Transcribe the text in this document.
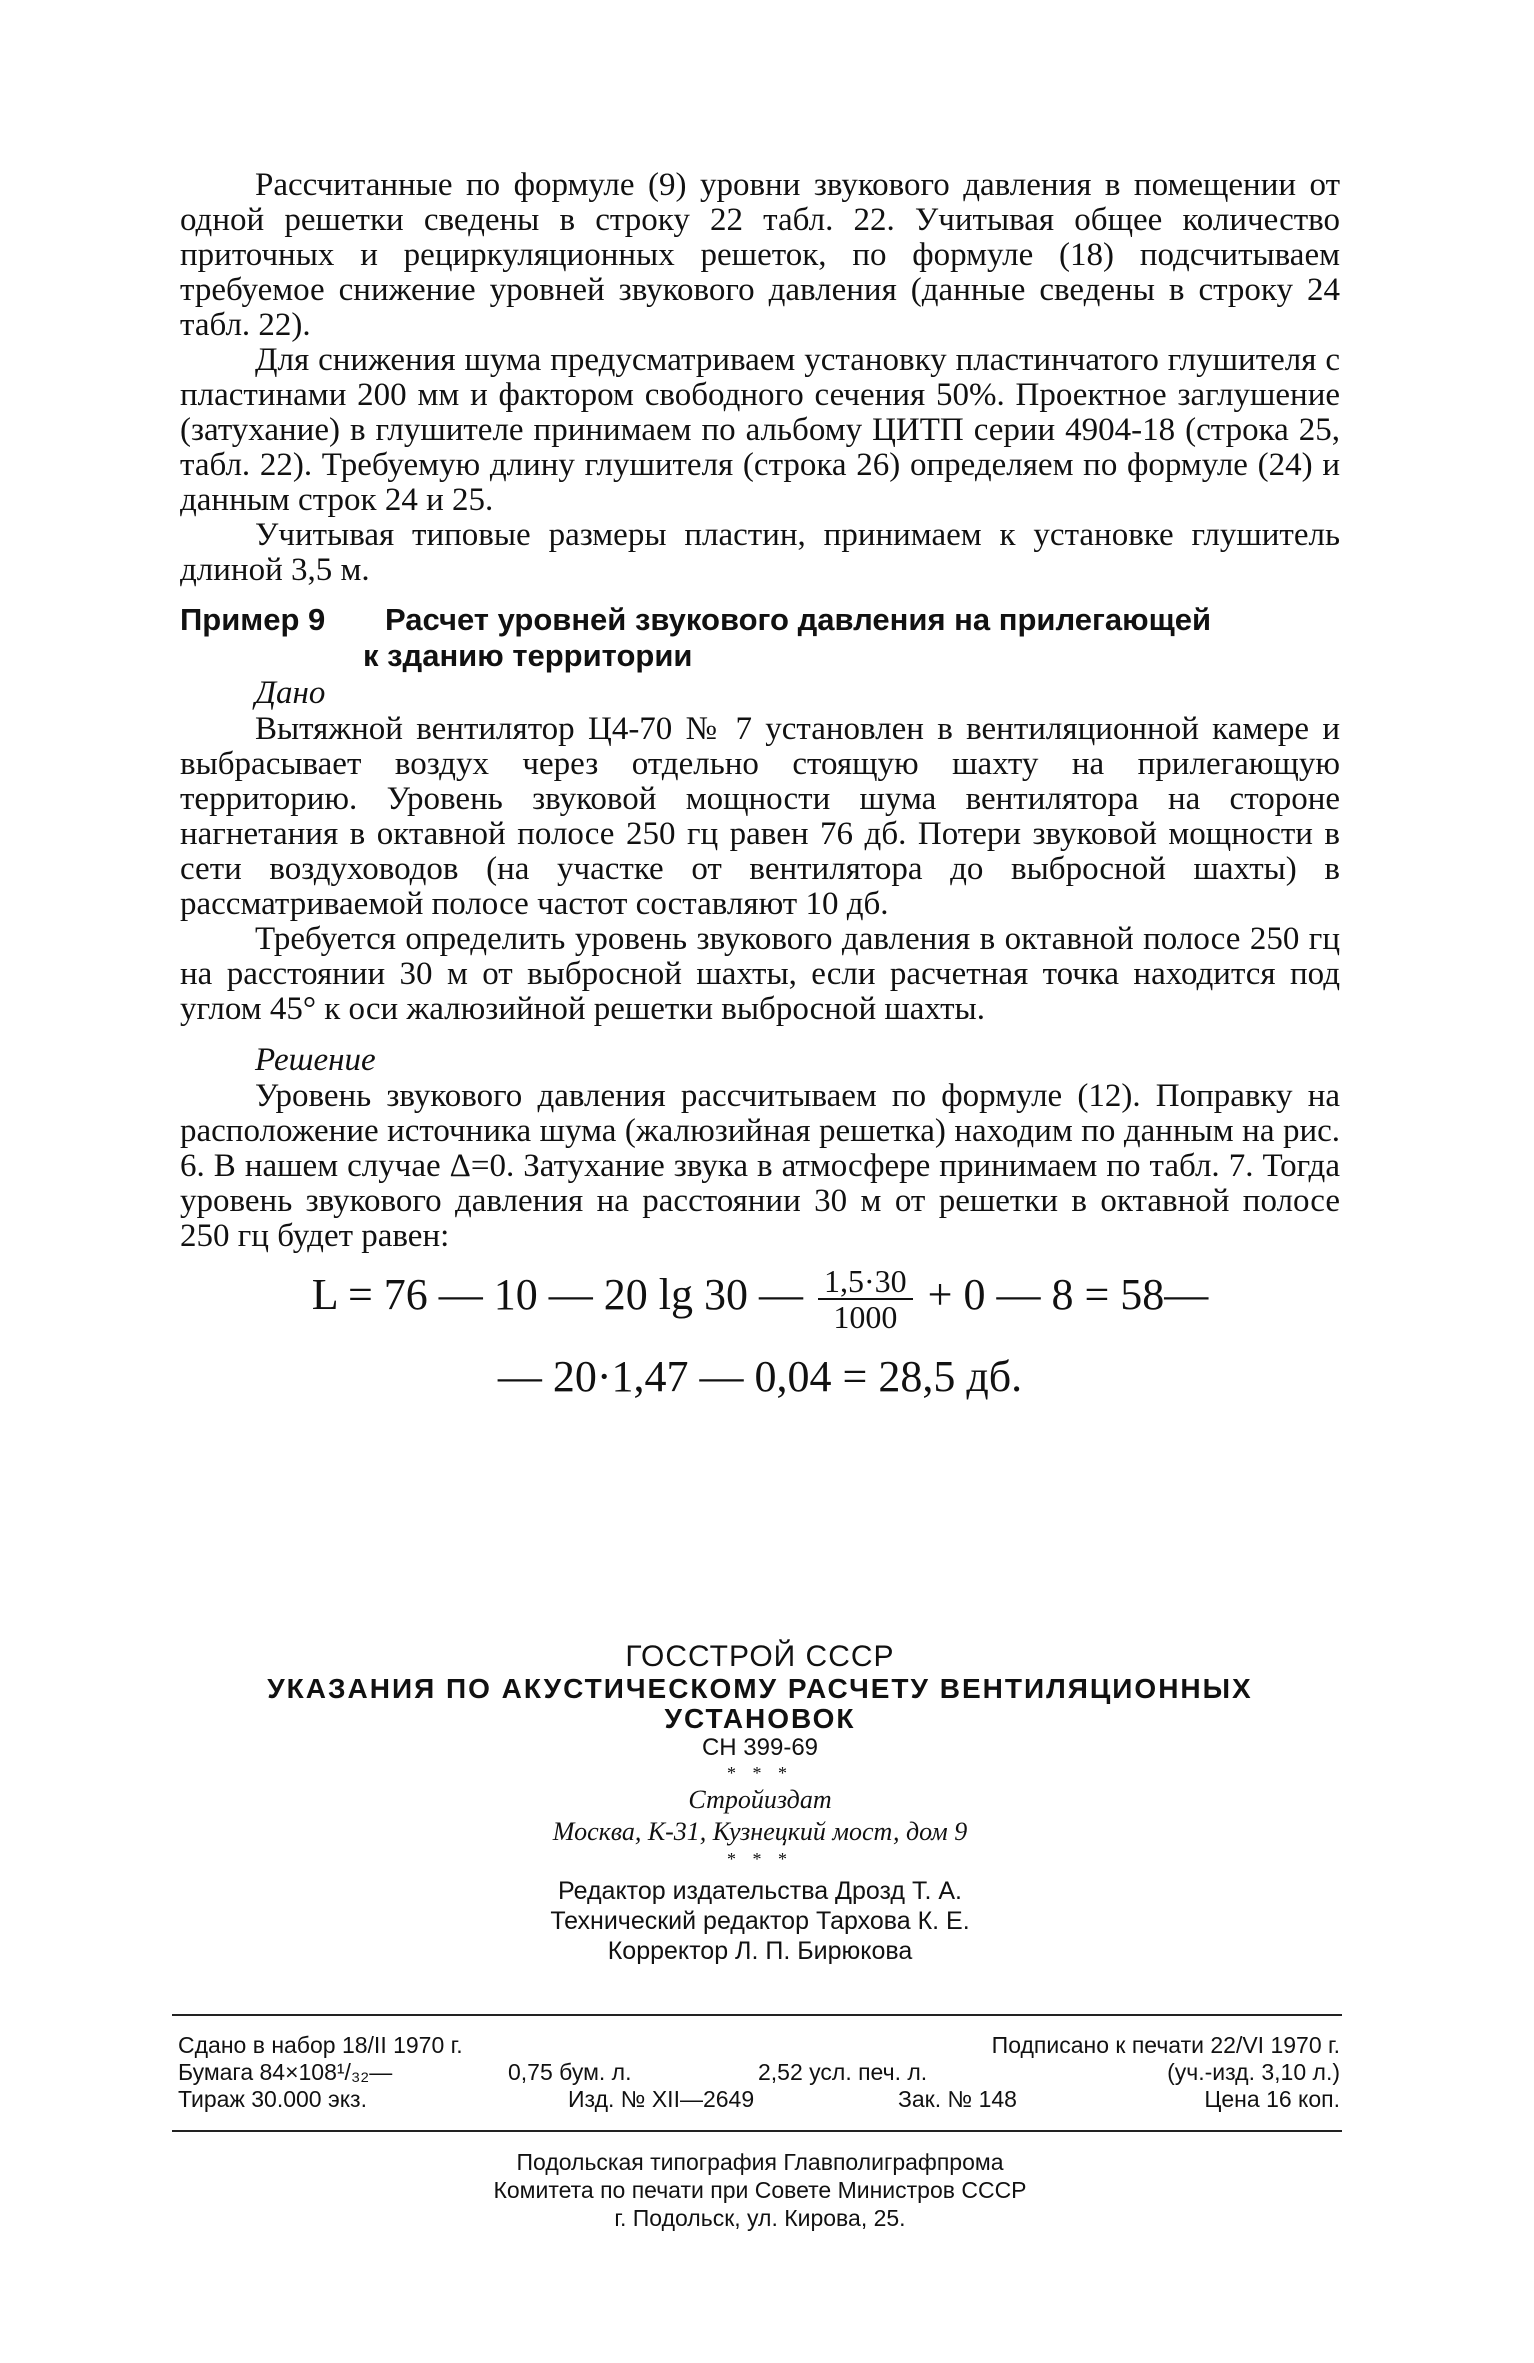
Рассчитанные по формуле (9) уровни звукового давления в помещении от одной решетки сведены в строку 22 табл. 22. Учитывая общее количество приточных и рециркуляционных решеток, по формуле (18) подсчитываем требуемое снижение уровней звукового давления (данные сведены в строку 24 табл. 22).

Для снижения шума предусматриваем установку пластинчатого глушителя с пластинами 200 мм и фактором свободного сечения 50%. Проектное заглушение (затухание) в глушителе принимаем по альбому ЦИТП серии 4904-18 (строка 25, табл. 22). Требуемую длину глушителя (строка 26) определяем по формуле (24) и данным строк 24 и 25.

Учитывая типовые размеры пластин, принимаем к установке глушитель длиной 3,5 м.

Пример 9 Расчет уровней звукового давления на прилегающей
к зданию территории
Дано

Вытяжной вентилятор Ц4-70 № 7 установлен в вентиляционной камере и выбрасывает воздух через отдельно стоящую шахту на прилегающую территорию. Уровень звуковой мощности шума вентилятора на стороне нагнетания в октавной полосе 250 гц равен 76 дб. Потери звуковой мощности в сети воздуховодов (на участке от вентилятора до выбросной шахты) в рассматриваемой полосе частот составляют 10 дб.

Требуется определить уровень звукового давления в октавной полосе 250 гц на расстоянии 30 м от выбросной шахты, если расчетная точка находится под углом 45° к оси жалюзийной решетки выбросной шахты.

Решение

Уровень звукового давления рассчитываем по формуле (12). Поправку на расположение источника шума (жалюзийная решетка) находим по данным на рис. 6. В нашем случае Δ=0. Затухание звука в атмосфере принимаем по табл. 7. Тогда уровень звукового давления на расстоянии 30 м от решетки в октавной полосе 250 гц будет равен:

L = 76 — 10 — 20 lg 30 — $\frac{1,5\cdot 30}{1000} + 0$ — 8 = 58—
— 20·1,47 — 0,04 = 28,5 дб.
ГОССТРОЙ СССР
УКАЗАНИЯ ПО АКУСТИЧЕСКОМУ РАСЧЕТУ ВЕНТИЛЯЦИОННЫХ
УСТАНОВОК
СН 399-69
* * *
Стройиздат
Москва, К-31, Кузнецкий мост, дом 9
* * *
Редактор издательства Дрозд Т. А.
Технический редактор Тархова К. Е.
Корректор Л. П. Бирюкова
Сдано в набор 18/II 1970 г.	Подписано к печати 22/VI 1970 г.
Бумага 84×108¹/₃₂—	0,75 бум. л.	2,52 усл. печ. л.	(уч.-изд. 3,10 л.)
Тираж 30.000 экз.	Изд. № XII—2649	Зак. № 148	Цена 16 коп.
Подольская типография Главполиграфпрома
Комитета по печати при Совете Министров СССР
г. Подольск, ул. Кирова, 25.
